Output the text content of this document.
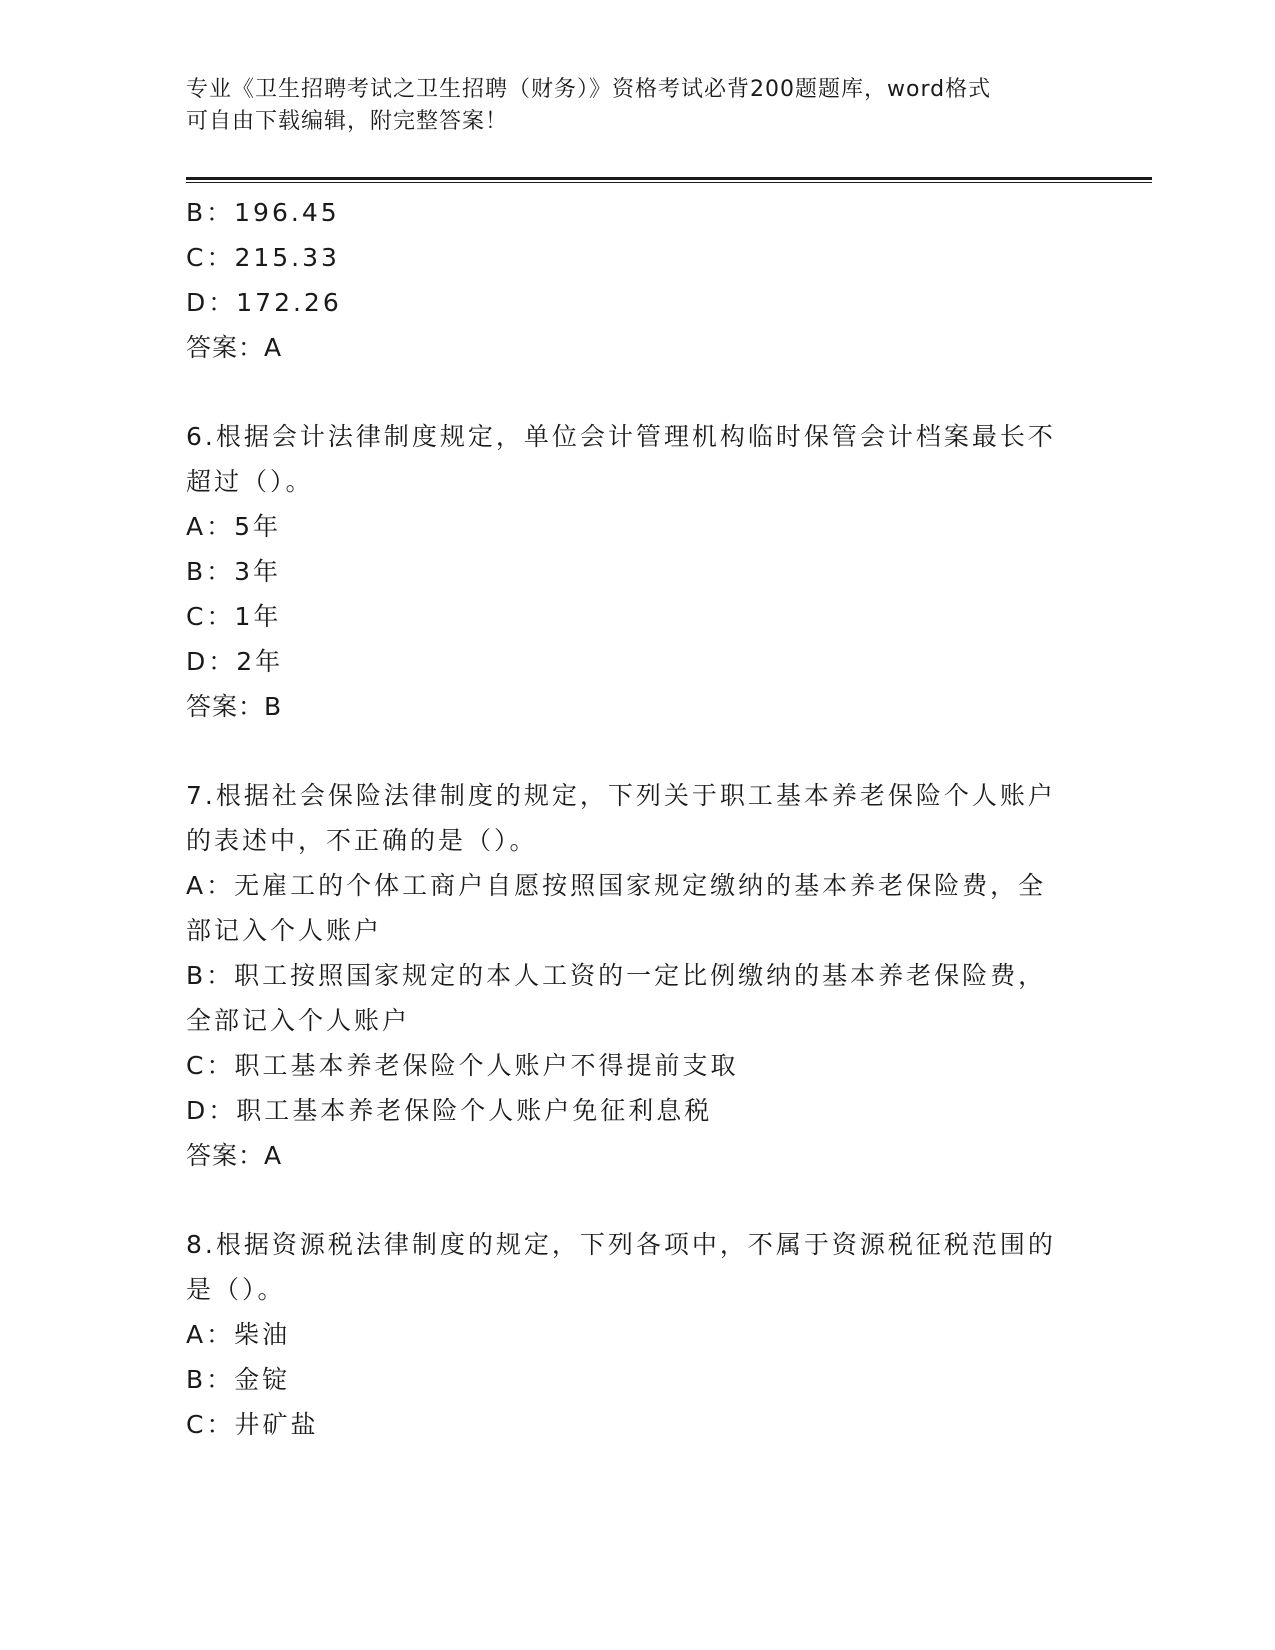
专业《卫生招聘考试之卫生招聘（财务）》资格考试必背200题题库，word格式
可自由下载编辑，附完整答案！
B：196.45
C：215.33
D：172.26
答案：A
6.根据会计法律制度规定，单位会计管理机构临时保管会计档案最长不超过（）。
A：5年
B：3年
C：1年
D：2年
答案：B
7.根据社会保险法律制度的规定，下列关于职工基本养老保险个人账户的表述中，不正确的是（）。
A：无雇工的个体工商户自愿按照国家规定缴纳的基本养老保险费，全部记入个人账户
B：职工按照国家规定的本人工资的一定比例缴纳的基本养老保险费，全部记入个人账户
C：职工基本养老保险个人账户不得提前支取
D：职工基本养老保险个人账户免征利息税
答案：A
8.根据资源税法律制度的规定，下列各项中，不属于资源税征税范围的是（）。
A：柴油
B：金锭
C：井矿盐
